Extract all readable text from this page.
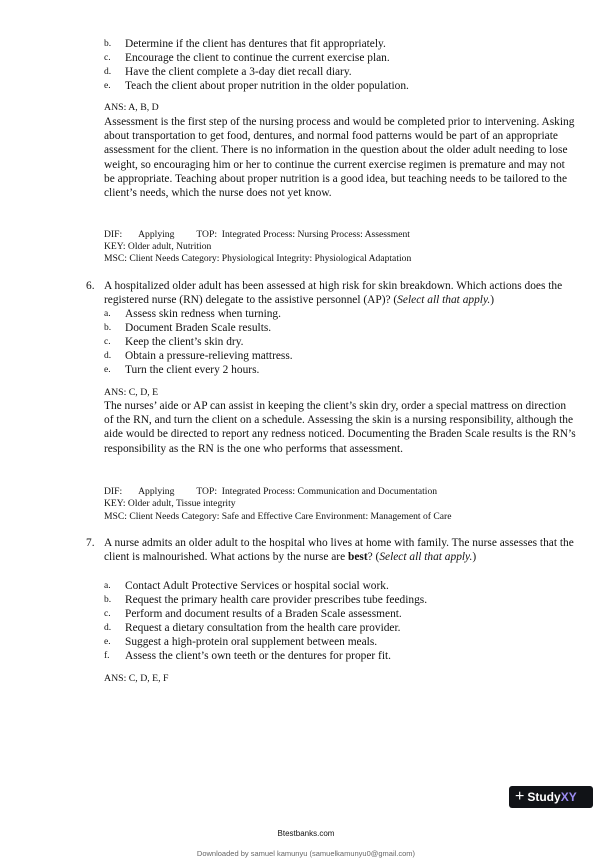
b. Determine if the client has dentures that fit appropriately.
c. Encourage the client to continue the current exercise plan.
d. Have the client complete a 3-day diet recall diary.
e. Teach the client about proper nutrition in the older population.
ANS: A, B, D
Assessment is the first step of the nursing process and would be completed prior to intervening. Asking about transportation to get food, dentures, and normal food patterns would be part of an appropriate assessment for the client. There is no information in the question about the older adult needing to lose weight, so encouraging him or her to continue the current exercise regimen is premature and may not be appropriate. Teaching about proper nutrition is a good idea, but teaching needs to be tailored to the client’s needs, which the nurse does not yet know.
DIF: Applying TOP: Integrated Process: Nursing Process: Assessment
KEY: Older adult, Nutrition
MSC: Client Needs Category: Physiological Integrity: Physiological Adaptation
6. A hospitalized older adult has been assessed at high risk for skin breakdown. Which actions does the registered nurse (RN) delegate to the assistive personnel (AP)? (Select all that apply.)
a. Assess skin redness when turning.
b. Document Braden Scale results.
c. Keep the client’s skin dry.
d. Obtain a pressure-relieving mattress.
e. Turn the client every 2 hours.
ANS: C, D, E
The nurses’ aide or AP can assist in keeping the client’s skin dry, order a special mattress on direction of the RN, and turn the client on a schedule. Assessing the skin is a nursing responsibility, although the aide would be directed to report any redness noticed. Documenting the Braden Scale results is the RN’s responsibility as the RN is the one who performs that assessment.
DIF: Applying TOP: Integrated Process: Communication and Documentation
KEY: Older adult, Tissue integrity
MSC: Client Needs Category: Safe and Effective Care Environment: Management of Care
7. A nurse admits an older adult to the hospital who lives at home with family. The nurse assesses that the client is malnourished. What actions by the nurse are best? (Select all that apply.)
a. Contact Adult Protective Services or hospital social work.
b. Request the primary health care provider prescribes tube feedings.
c. Perform and document results of a Braden Scale assessment.
d. Request a dietary consultation from the health care provider.
e. Suggest a high-protein oral supplement between meals.
f. Assess the client’s own teeth or the dentures for proper fit.
ANS: C, D, E, F
+ Study XY
Btestbanks.com
Downloaded by samuel kamunyu (samuelkamunyu0@gmail.com)
